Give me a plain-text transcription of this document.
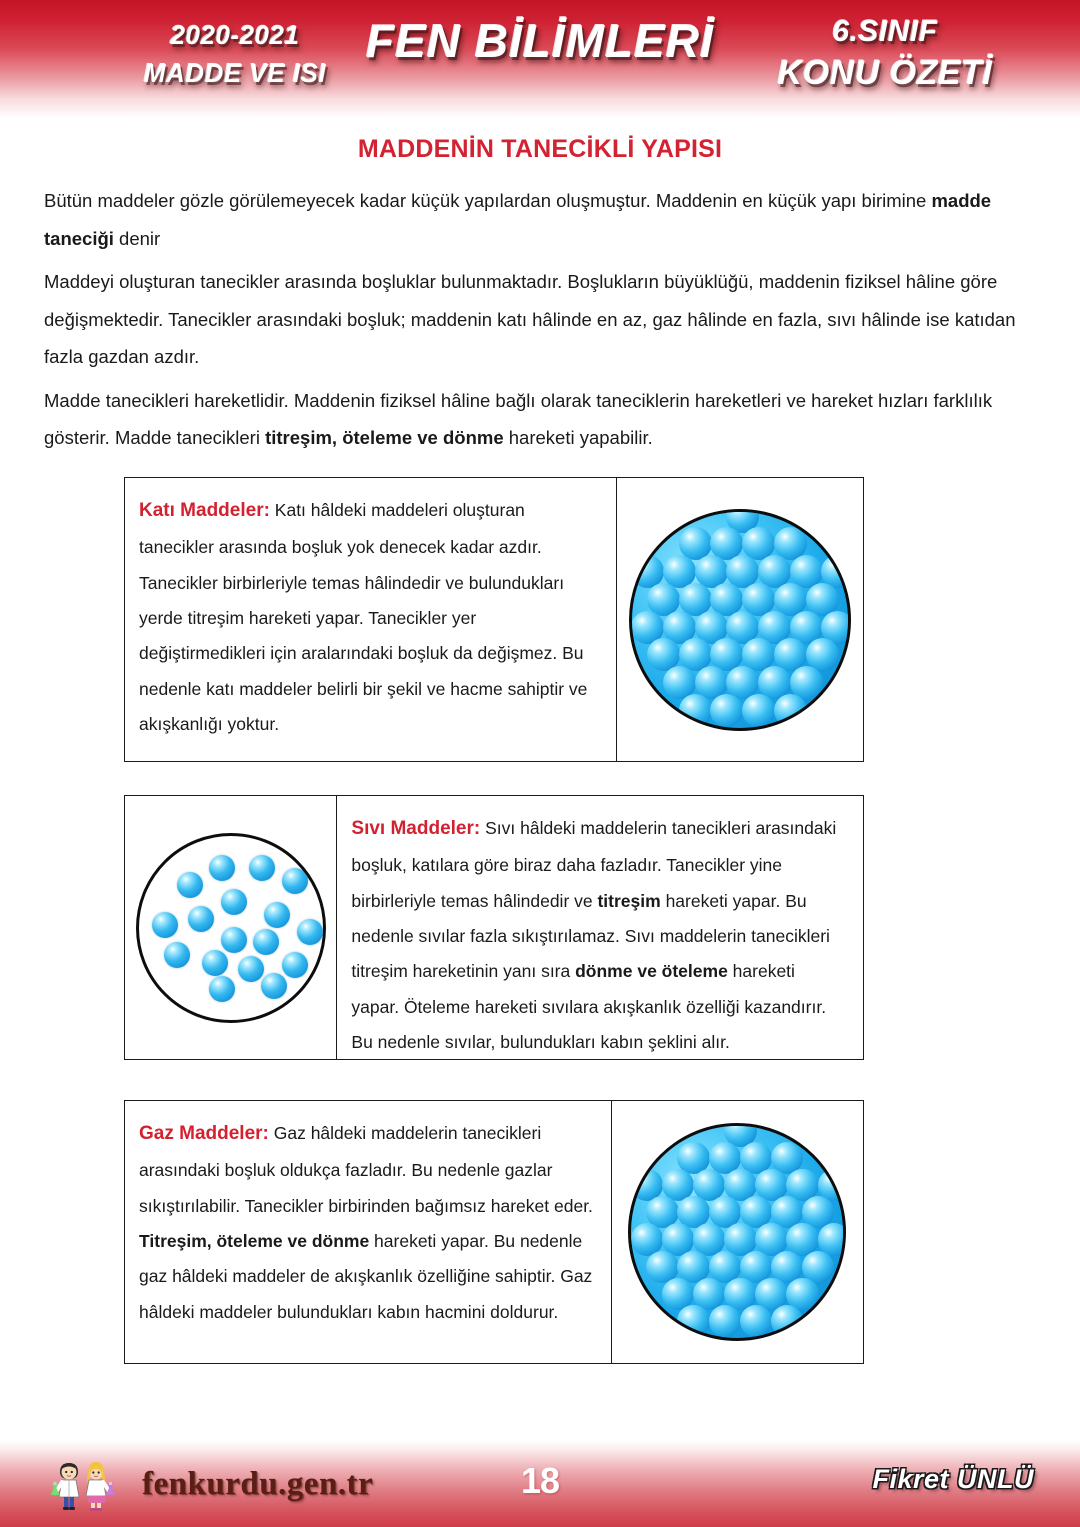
2020-2021
MADDE VE ISI
FEN BİLİMLERİ	6.SINIF
KONU ÖZETİ
MADDENİN TANECİKLİ YAPISI

Bütün maddeler gözle görülemeyecek kadar küçük yapılardan oluşmuştur. Maddenin en küçük yapı birimine madde taneciği denir

Maddeyi oluşturan tanecikler arasında boşluklar bulunmaktadır. Boşlukların büyüklüğü, maddenin fiziksel hâline göre değişmektedir. Tanecikler arasındaki boşluk; maddenin katı hâlinde en az, gaz hâlinde en fazla, sıvı hâlinde ise katıdan fazla gazdan azdır.

Madde tanecikleri hareketlidir. Maddenin fiziksel hâline bağlı olarak taneciklerin hareketleri ve hareket hızları farklılık gösterir. Madde tanecikleri titreşim, öteleme ve dönme hareketi yapabilir.

Katı Maddeler: Katı hâldeki maddeleri oluşturan tanecikler arasında boşluk yok denecek kadar azdır. Tanecikler birbirleriyle temas hâlindedir ve bulundukları yerde titreşim hareketi yapar. Tanecikler yer değiştirmedikleri için aralarındaki boşluk da değişmez. Bu nedenle katı maddeler belirli bir şekil ve hacme sahiptir ve akışkanlığı yoktur.
Sıvı Maddeler: Sıvı hâldeki maddelerin tanecikleri arasındaki boşluk, katılara göre biraz daha fazladır. Tanecikler yine birbirleriyle temas hâlindedir ve titreşim hareketi yapar. Bu nedenle sıvılar fazla sıkıştırılamaz. Sıvı maddelerin tanecikleri titreşim hareketinin yanı sıra dönme ve öteleme hareketi yapar. Öteleme hareketi sıvılara akışkanlık özelliği kazandırır. Bu nedenle sıvılar, bulundukları kabın şeklini alır.
Gaz Maddeler: Gaz hâldeki maddelerin tanecikleri arasındaki boşluk oldukça fazladır. Bu nedenle gazlar sıkıştırılabilir. Tanecikler birbirinden bağımsız hareket eder. Titreşim, öteleme ve dönme hareketi yapar. Bu nedenle gaz hâldeki maddeler de akışkanlık özelliğine sahiptir. Gaz hâldeki maddeler bulundukları kabın hacmini doldurur.
fenkurdu.gen.tr	18	Fikret ÜNLÜ
